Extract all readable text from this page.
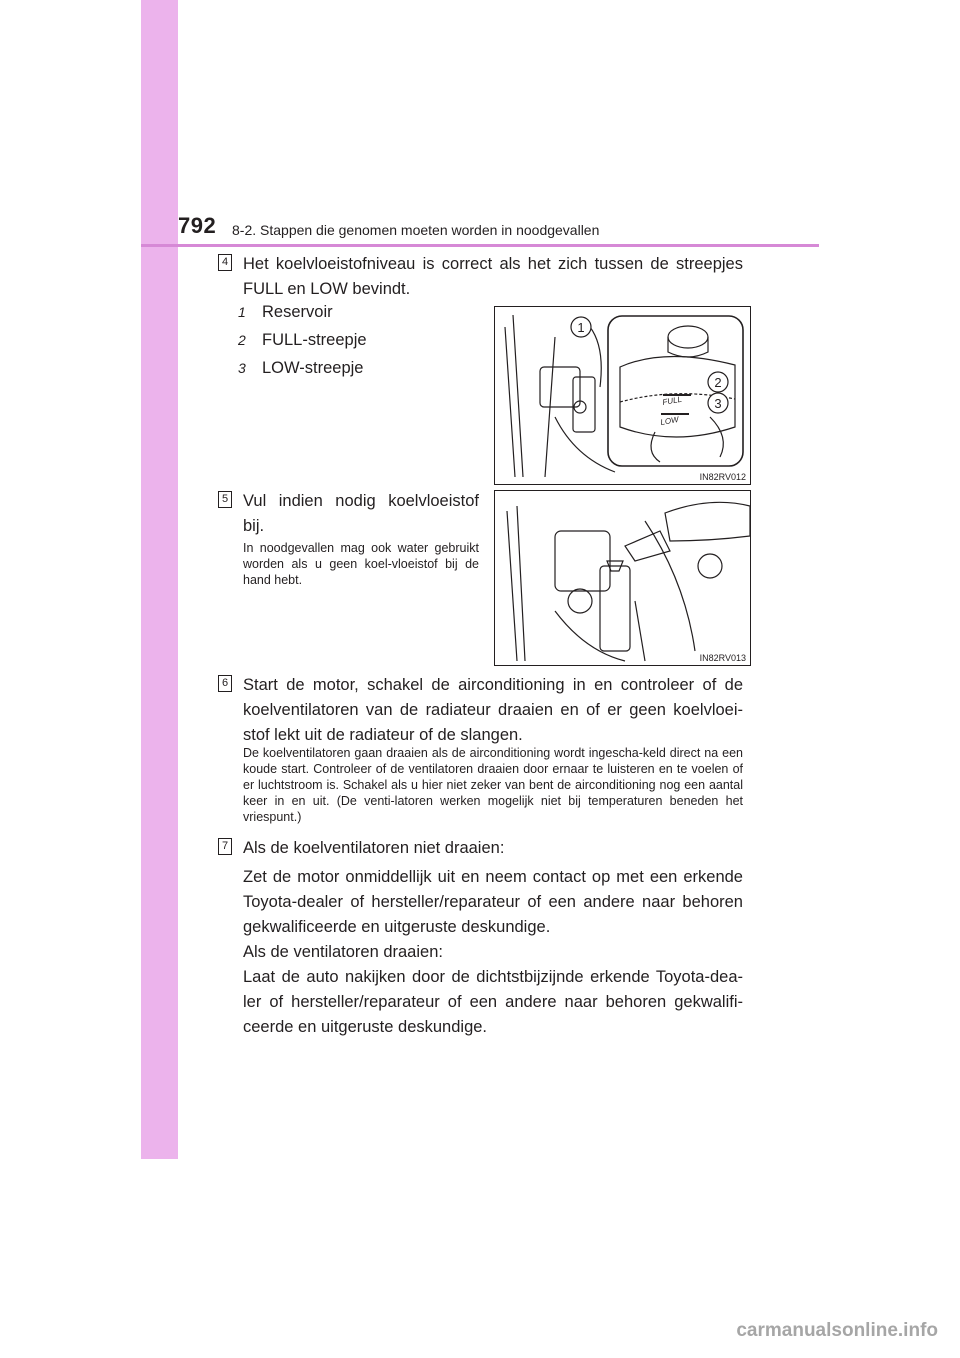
792 8-2. Stappen die genomen moeten worden in noodgevallen
4 Het koelvloeistofniveau is correct als het zich tussen de streepjes FULL en LOW bevindt.
1 Reservoir
2 FULL-streepje
3 LOW-streepje
FULL
LOW
1
2
3
IN82RV012
5 Vul indien nodig koelvloeistof bij.
In noodgevallen mag ook water gebruikt worden als u geen koel-vloeistof bij de hand hebt.
IN82RV013
6 Start de motor, schakel de airconditioning in en controleer of de koelventilatoren van de radiateur draaien en of er geen koelvloei-stof lekt uit de radiateur of de slangen.
De koelventilatoren gaan draaien als de airconditioning wordt ingescha-keld direct na een koude start. Controleer of de ventilatoren draaien door ernaar te luisteren en te voelen of er luchtstroom is. Schakel als u hier niet zeker van bent de airconditioning nog een aantal keer in en uit. (De venti-latoren werken mogelijk niet bij temperaturen beneden het vriespunt.)
7 Als de koelventilatoren niet draaien:
Zet de motor onmiddellijk uit en neem contact op met een erkende Toyota-dealer of hersteller/reparateur of een andere naar behoren gekwalificeerde en uitgeruste deskundige.
Als de ventilatoren draaien:
Laat de auto nakijken door de dichtstbijzijnde erkende Toyota-dea-ler of hersteller/reparateur of een andere naar behoren gekwalifi-ceerde en uitgeruste deskundige.
carmanualsonline.info
